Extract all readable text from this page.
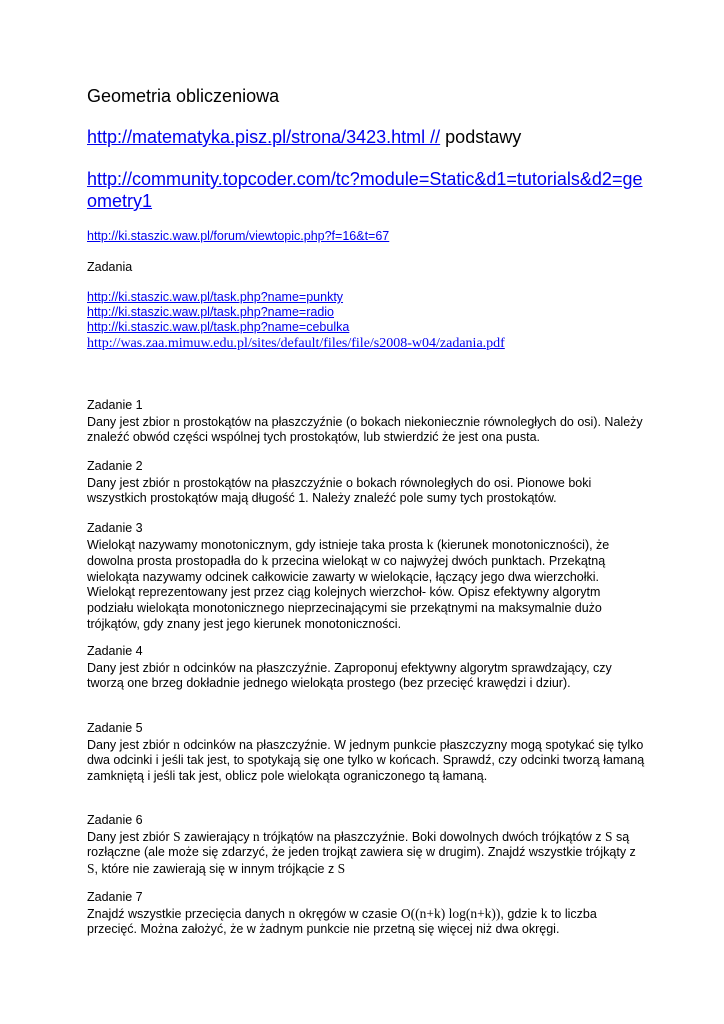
Geometria obliczeniowa
http://matematyka.pisz.pl/strona/3423.html // podstawy
http://community.topcoder.com/tc?module=Static&d1=tutorials&d2=ge ometry1
http://ki.staszic.waw.pl/forum/viewtopic.php?f=16&t=67
Zadania
http://ki.staszic.waw.pl/task.php?name=punkty
http://ki.staszic.waw.pl/task.php?name=radio
http://ki.staszic.waw.pl/task.php?name=cebulka
http://was.zaa.mimuw.edu.pl/sites/default/files/file/s2008-w04/zadania.pdf
Zadanie 1

Dany jest zbior n prostokątów na płaszczyźnie (o bokach niekoniecznie równoległych do osi). Należy znaleźć obwód części wspólnej tych prostokątów, lub stwierdzić że jest ona pusta.

Zadanie 2

Dany jest zbiór n prostokątów na płaszczyźnie o bokach równoległych do osi. Pionowe boki wszystkich prostokątów mają długość 1. Należy znaleźć pole sumy tych prostokątów.

Zadanie 3

Wielokąt nazywamy monotonicznym, gdy istnieje taka prosta k (kierunek monotoniczności), że dowolna prosta prostopadła do k przecina wielokąt w co najwyżej dwóch punktach. Przekątną wielokąta nazywamy odcinek całkowicie zawarty w wielokącie, łączący jego dwa wierzchołki. Wielokąt reprezentowany jest przez ciąg kolejnych wierzchoł- ków. Opisz efektywny algorytm podziału wielokąta monotonicznego nieprzecinającymi sie przekątnymi na maksymalnie dużo trójkątów, gdy znany jest jego kierunek monotoniczności.

Zadanie 4

Dany jest zbiór n odcinków na płaszczyźnie. Zaproponuj efektywny algorytm sprawdzający, czy tworzą one brzeg dokładnie jednego wielokąta prostego (bez przecięć krawędzi i dziur).

Zadanie 5

Dany jest zbiór n odcinków na płaszczyźnie. W jednym punkcie płaszczyzny mogą spotykać się tylko dwa odcinki i jeśli tak jest, to spotykają się one tylko w końcach. Sprawdź, czy odcinki tworzą łamaną zamkniętą i jeśli tak jest, oblicz pole wielokąta ograniczonego tą łamaną.

Zadanie 6

Dany jest zbiór S zawierający n trójkątów na płaszczyźnie. Boki dowolnych dwóch trójkątów z S są rozłączne (ale może się zdarzyć, że jeden trojkąt zawiera się w drugim). Znajdź wszystkie trójkąty z S, które nie zawierają się w innym trójkącie z S

Zadanie 7

Znajdź wszystkie przecięcia danych n okręgów w czasie O((n+k) log(n+k)), gdzie k to liczba przecięć. Można założyć, że w żadnym punkcie nie przetną się więcej niż dwa okręgi.
